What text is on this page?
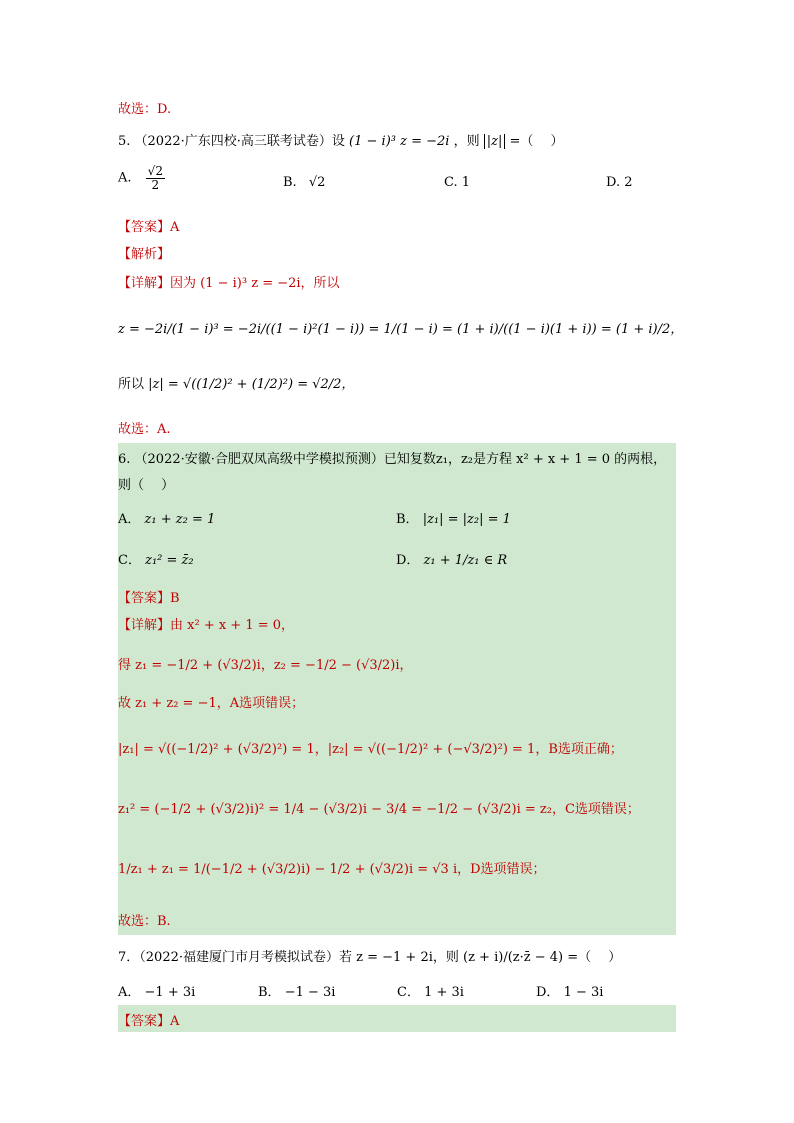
故选：D.
5. （2022·广东四校·高三联考试卷）设 (1 − i)³ z = −2i ，则 |z| =（　 ）
A. $\frac{√2}{2}$	B. √2	C. 1	D. 2
【答案】A
【解析】
【详解】因为 (1 − i)³ z = −2i，所以
z = −2i/(1 − i)³ = −2i/((1 − i)²(1 − i)) = 1/(1 − i) = (1 + i)/((1 − i)(1 + i)) = (1 + i)/2，
所以 |z| = √((1/2)² + (1/2)²) = √2/2，
故选：A.
6. （2022·安徽·合肥双凤高级中学模拟预测）已知复数z₁，z₂是方程 x² + x + 1 = 0 的两根，
则（　 ）
A． z₁ + z₂ = 1	B． |z₁| = |z₂| = 1
C． z₁² = z̄₂	D． z₁ + 1/z₁ ∈ R
【答案】B
【详解】由 x² + x + 1 = 0，
得 z₁ = −1/2 + (√3/2)i，z₂ = −1/2 − (√3/2)i，
故 z₁ + z₂ = −1，A选项错误；
|z₁| = √((−1/2)² + (√3/2)²) = 1，|z₂| = √((−1/2)² + (−√3/2)²) = 1，B选项正确；
z₁² = (−1/2 + (√3/2)i)² = 1/4 − (√3/2)i − 3/4 = −1/2 − (√3/2)i = z₂，C选项错误；
1/z₁ + z₁ = 1/(−1/2 + (√3/2)i) − 1/2 + (√3/2)i = √3 i，D选项错误；
故选：B.
7．（2022·福建厦门市月考模拟试卷）若 z = −1 + 2i，则 (z + i)/(z·z̄ − 4) =（　 ）
A． −1 + 3i	B． −1 − 3i	C． 1 + 3i	D． 1 − 3i
【答案】A
